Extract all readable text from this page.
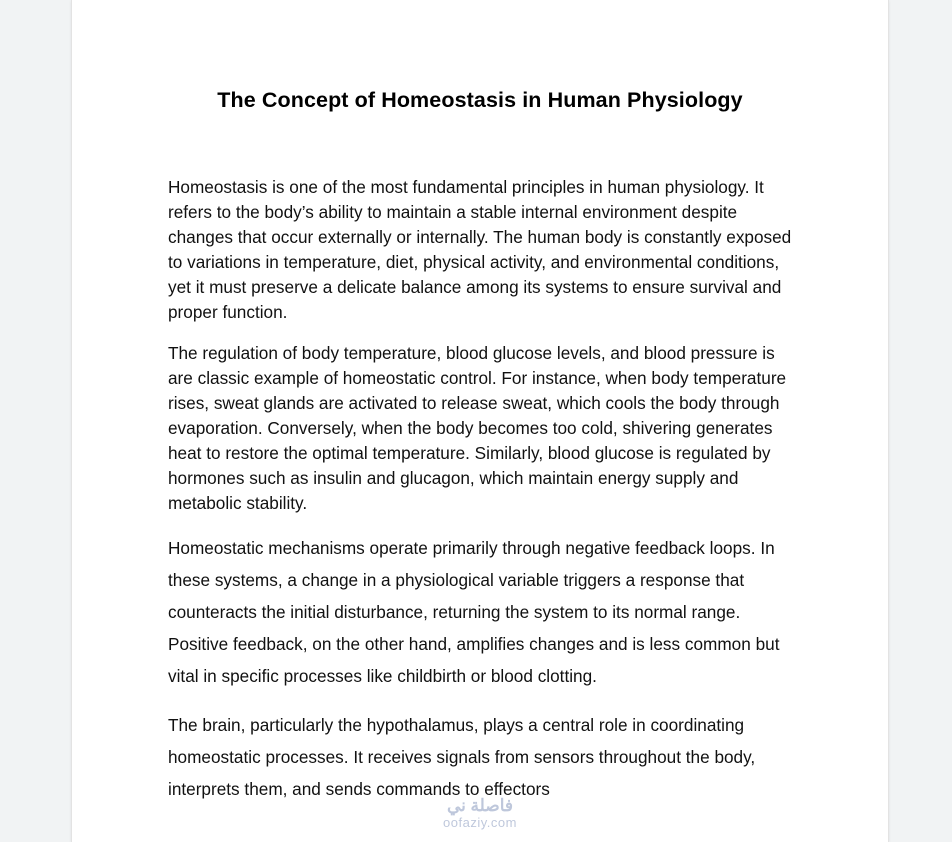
The Concept of Homeostasis in Human Physiology

Homeostasis is one of the most fundamental principles in human physiology. It refers to the body’s ability to maintain a stable internal environment despite changes that occur externally or internally. The human body is constantly exposed to variations in temperature, diet, physical activity, and environmental conditions, yet it must preserve a delicate balance among its systems to ensure survival and proper function.

The regulation of body temperature, blood glucose levels, and blood pressure is are classic example of homeostatic control. For instance, when body temperature rises, sweat glands are activated to release sweat, which cools the body through evaporation. Conversely, when the body becomes too cold, shivering generates heat to restore the optimal temperature. Similarly, blood glucose is regulated by hormones such as insulin and glucagon, which maintain energy supply and metabolic stability.

Homeostatic mechanisms operate primarily through negative feedback loops. In these systems, a change in a physiological variable triggers a response that counteracts the initial disturbance, returning the system to its normal range. Positive feedback, on the other hand, amplifies changes and is less common but vital in specific processes like childbirth or blood clotting.

The brain, particularly the hypothalamus, plays a central role in coordinating homeostatic processes. It receives signals from sensors throughout the body, interprets them, and sends commands to effectors

فاصلة ني
oofaziy.com
